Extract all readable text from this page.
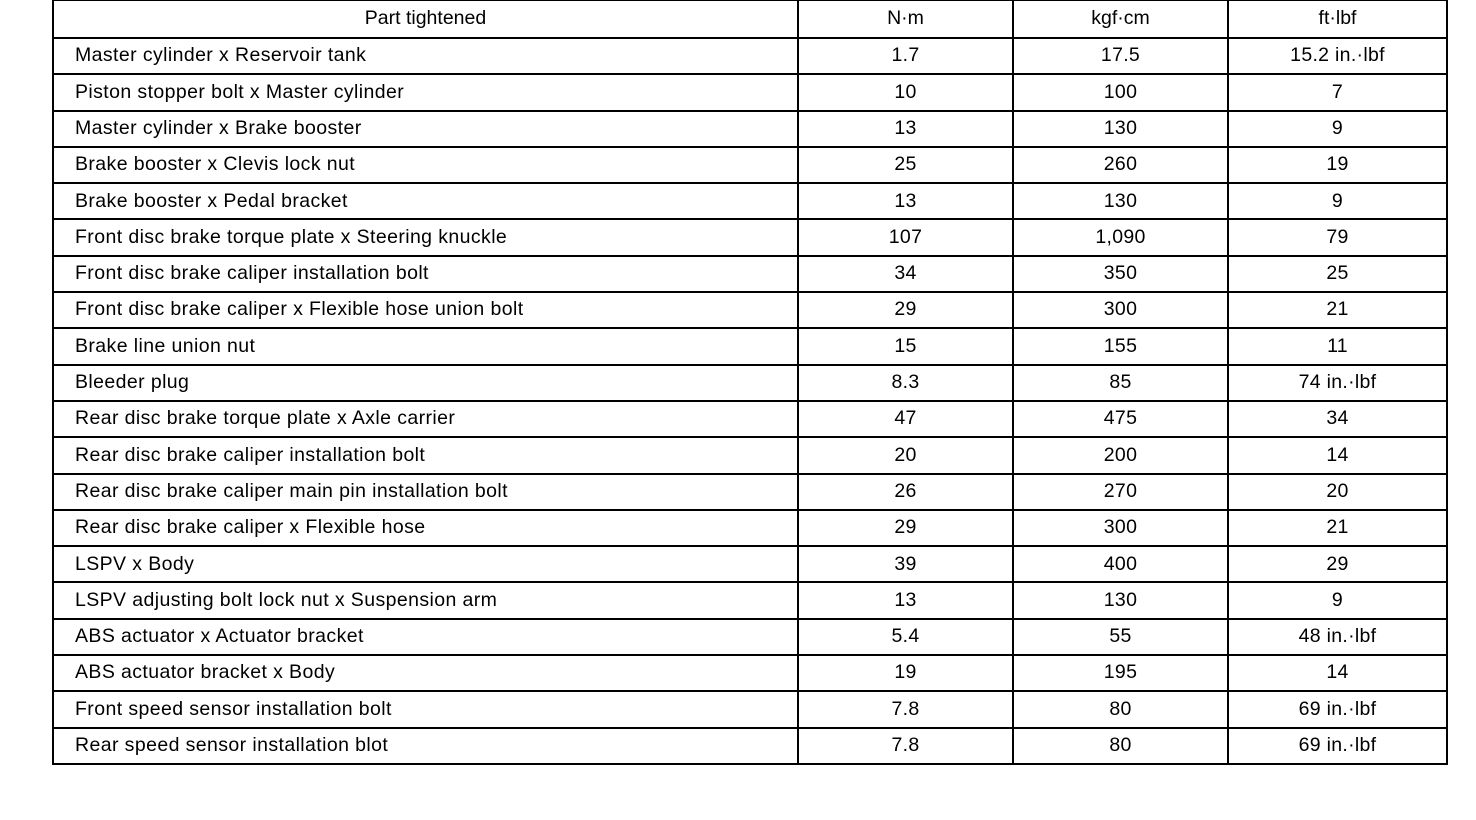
Part tightened	N·m	kgf·cm	ft·lbf
Master cylinder x Reservoir tank	1.7	17.5	15.2 in.·lbf
Piston stopper bolt x Master cylinder	10	100	7
Master cylinder x Brake booster	13	130	9
Brake booster x Clevis lock nut	25	260	19
Brake booster x Pedal bracket	13	130	9
Front disc brake torque plate x Steering knuckle	107	1,090	79
Front disc brake caliper installation bolt	34	350	25
Front disc brake caliper x Flexible hose union bolt	29	300	21
Brake line union nut	15	155	11
Bleeder plug	8.3	85	74 in.·lbf
Rear disc brake torque plate x Axle carrier	47	475	34
Rear disc brake caliper installation bolt	20	200	14
Rear disc brake caliper main pin installation bolt	26	270	20
Rear disc brake caliper x Flexible hose	29	300	21
LSPV x Body	39	400	29
LSPV adjusting bolt lock nut x Suspension arm	13	130	9
ABS actuator x Actuator bracket	5.4	55	48 in.·lbf
ABS actuator bracket x Body	19	195	14
Front speed sensor installation bolt	7.8	80	69 in.·lbf
Rear speed sensor installation blot	7.8	80	69 in.·lbf
